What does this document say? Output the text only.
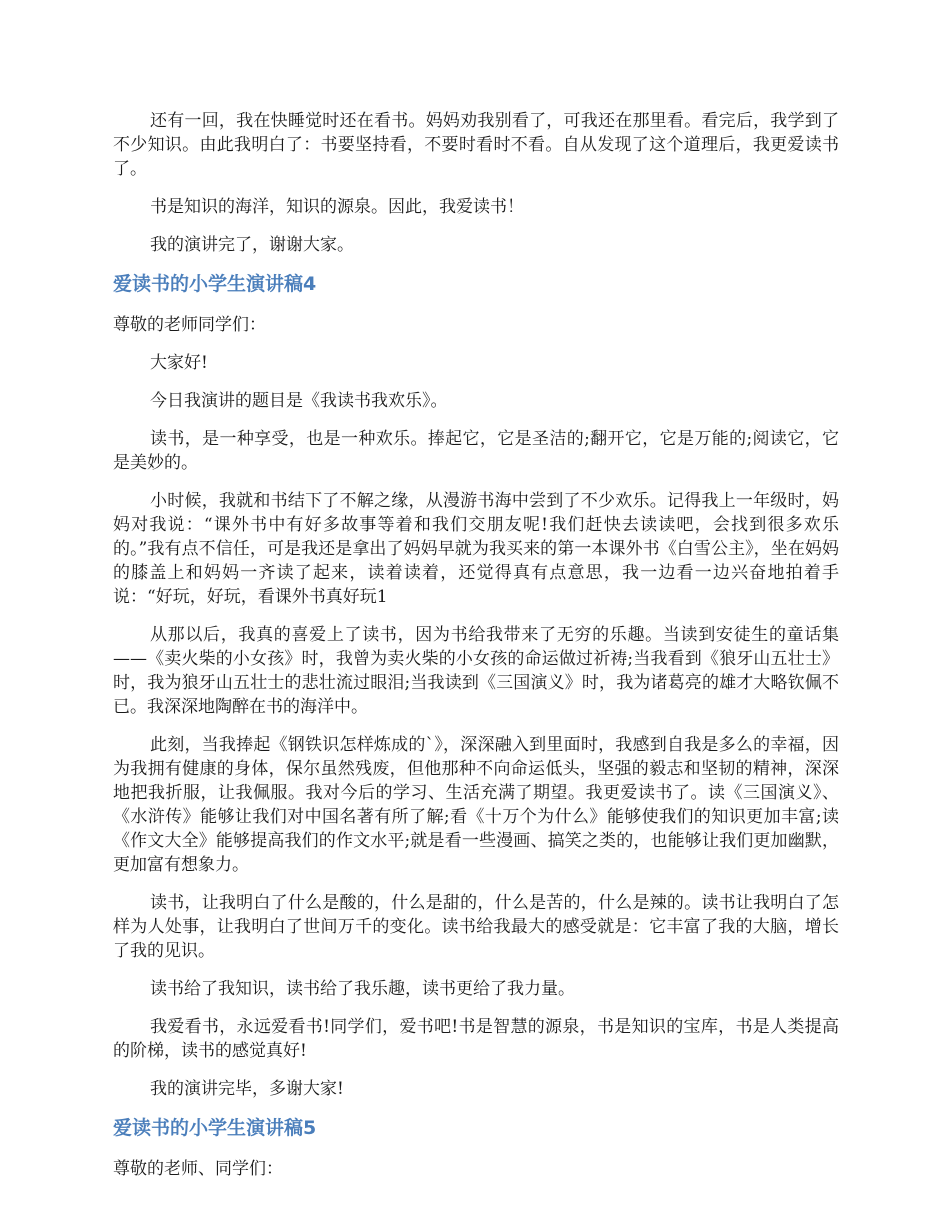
还有一回，我在快睡觉时还在看书。妈妈劝我别看了，可我还在那里看。看完后，我学到了不少知识。由此我明白了：书要坚持看，不要时看时不看。自从发现了这个道理后，我更爱读书了。

书是知识的海洋，知识的源泉。因此，我爱读书！

我的演讲完了，谢谢大家。

爱读书的小学生演讲稿4

尊敬的老师同学们：

大家好!

今日我演讲的题目是《我读书我欢乐》。

读书，是一种享受，也是一种欢乐。捧起它，它是圣洁的;翻开它，它是万能的;阅读它，它是美妙的。

小时候，我就和书结下了不解之缘，从漫游书海中尝到了不少欢乐。记得我上一年级时，妈妈对我说：“课外书中有好多故事等着和我们交朋友呢!我们赶快去读读吧，会找到很多欢乐的。”我有点不信任，可是我还是拿出了妈妈早就为我买来的第一本课外书《白雪公主》，坐在妈妈的膝盖上和妈妈一齐读了起来，读着读着，还觉得真有点意思，我一边看一边兴奋地拍着手说：“好玩，好玩，看课外书真好玩1

从那以后，我真的喜爱上了读书，因为书给我带来了无穷的乐趣。当读到安徒生的童话集——《卖火柴的小女孩》时，我曾为卖火柴的小女孩的命运做过祈祷;当我看到《狼牙山五壮士》时，我为狼牙山五壮士的悲壮流过眼泪;当我读到《三国演义》时，我为诸葛亮的雄才大略钦佩不已。我深深地陶醉在书的海洋中。

此刻，当我捧起《钢铁识怎样炼成的`》，深深融入到里面时，我感到自我是多么的幸福，因为我拥有健康的身体，保尔虽然残废，但他那种不向命运低头，坚强的毅志和坚韧的精神，深深地把我折服，让我佩服。我对今后的学习、生活充满了期望。我更爱读书了。读《三国演义》、《水浒传》能够让我们对中国名著有所了解;看《十万个为什么》能够使我们的知识更加丰富;读《作文大全》能够提高我们的作文水平;就是看一些漫画、搞笑之类的，也能够让我们更加幽默，更加富有想象力。

读书，让我明白了什么是酸的，什么是甜的，什么是苦的，什么是辣的。读书让我明白了怎样为人处事，让我明白了世间万千的变化。读书给我最大的感受就是：它丰富了我的大脑，增长了我的见识。

读书给了我知识，读书给了我乐趣，读书更给了我力量。

我爱看书，永远爱看书!同学们，爱书吧!书是智慧的源泉，书是知识的宝库，书是人类提高的阶梯，读书的感觉真好!

我的演讲完毕，多谢大家!

爱读书的小学生演讲稿5

尊敬的老师、同学们：
